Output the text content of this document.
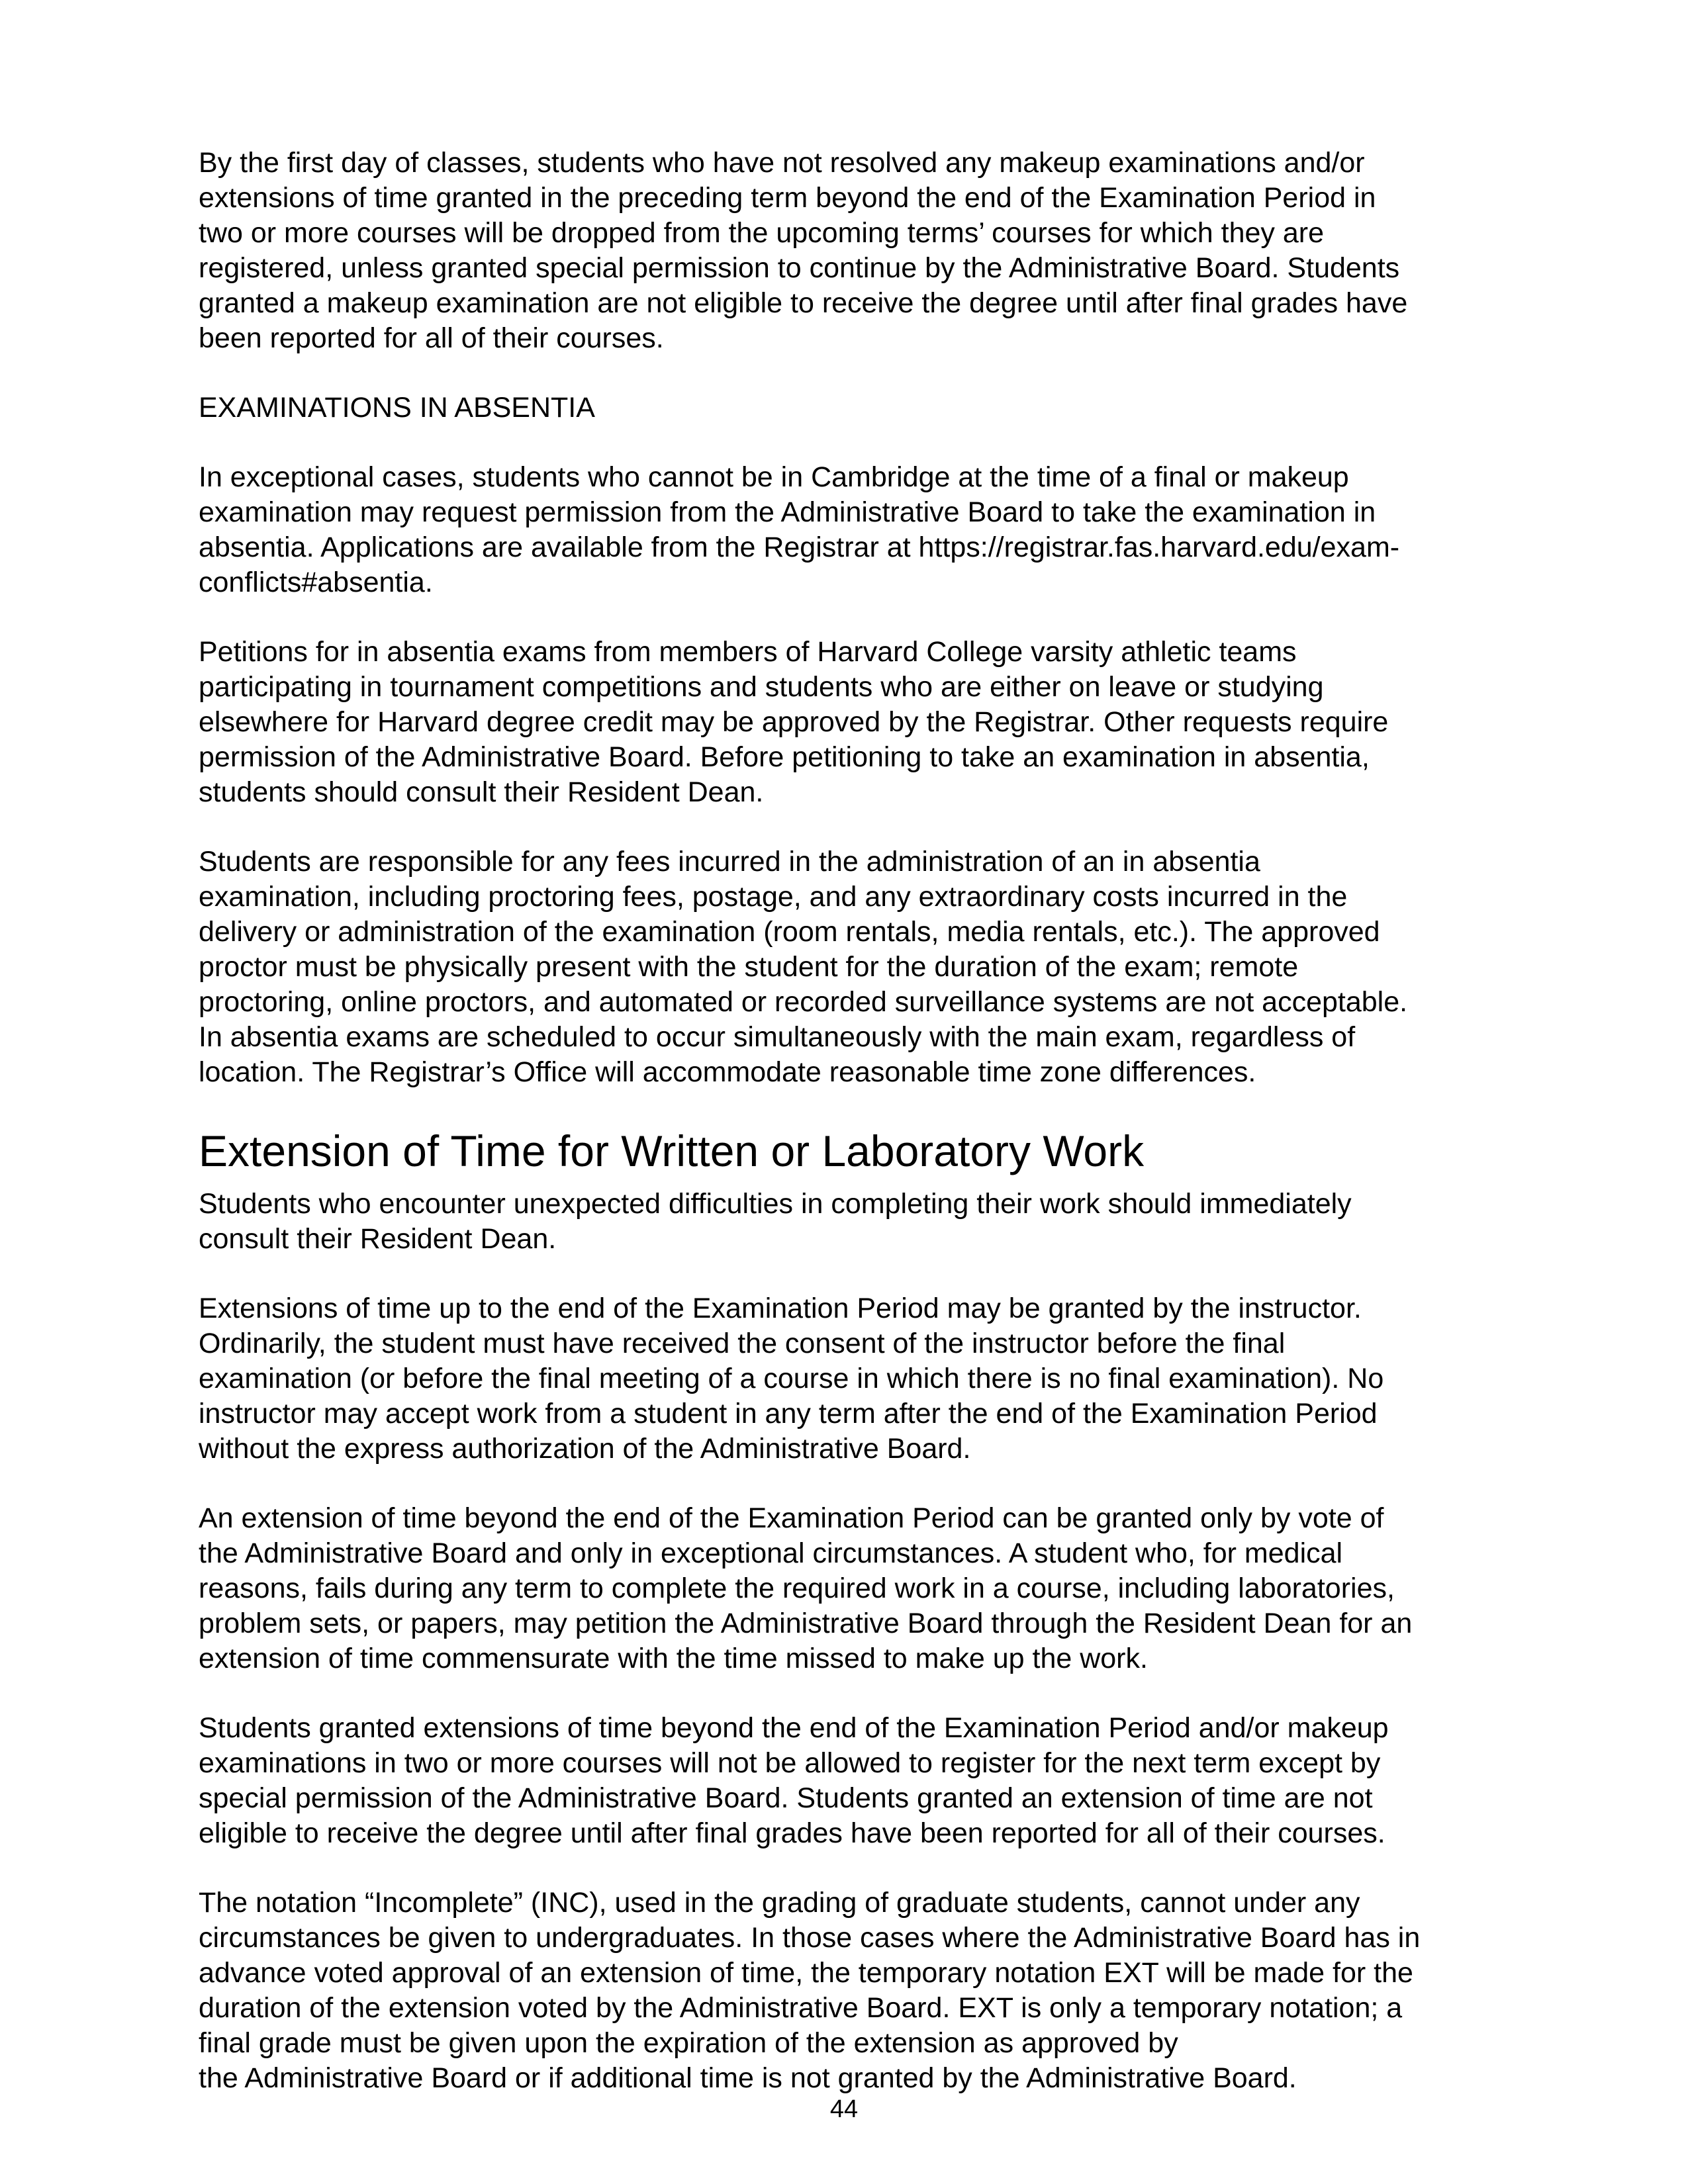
By the first day of classes, students who have not resolved any makeup examinations and/or
extensions of time granted in the preceding term beyond the end of the Examination Period in
two or more courses will be dropped from the upcoming terms’ courses for which they are
registered, unless granted special permission to continue by the Administrative Board. Students
granted a makeup examination are not eligible to receive the degree until after final grades have
been reported for all of their courses.
EXAMINATIONS IN ABSENTIA
In exceptional cases, students who cannot be in Cambridge at the time of a final or makeup
examination may request permission from the Administrative Board to take the examination in
absentia. Applications are available from the Registrar at https://registrar.fas.harvard.edu/exam-
conflicts#absentia.
Petitions for in absentia exams from members of Harvard College varsity athletic teams
participating in tournament competitions and students who are either on leave or studying
elsewhere for Harvard degree credit may be approved by the Registrar. Other requests require
permission of the Administrative Board. Before petitioning to take an examination in absentia,
students should consult their Resident Dean.
Students are responsible for any fees incurred in the administration of an in absentia
examination, including proctoring fees, postage, and any extraordinary costs incurred in the
delivery or administration of the examination (room rentals, media rentals, etc.). The approved
proctor must be physically present with the student for the duration of the exam; remote
proctoring, online proctors, and automated or recorded surveillance systems are not acceptable.
In absentia exams are scheduled to occur simultaneously with the main exam, regardless of
location. The Registrar’s Office will accommodate reasonable time zone differences.
Extension of Time for Written or Laboratory Work
Students who encounter unexpected difficulties in completing their work should immediately
consult their Resident Dean.
Extensions of time up to the end of the Examination Period may be granted by the instructor.
Ordinarily, the student must have received the consent of the instructor before the final
examination (or before the final meeting of a course in which there is no final examination). No
instructor may accept work from a student in any term after the end of the Examination Period
without the express authorization of the Administrative Board.
An extension of time beyond the end of the Examination Period can be granted only by vote of
the Administrative Board and only in exceptional circumstances. A student who, for medical
reasons, fails during any term to complete the required work in a course, including laboratories,
problem sets, or papers, may petition the Administrative Board through the Resident Dean for an
extension of time commensurate with the time missed to make up the work.
Students granted extensions of time beyond the end of the Examination Period and/or makeup
examinations in two or more courses will not be allowed to register for the next term except by
special permission of the Administrative Board. Students granted an extension of time are not
eligible to receive the degree until after final grades have been reported for all of their courses.
The notation “Incomplete” (INC), used in the grading of graduate students, cannot under any
circumstances be given to undergraduates. In those cases where the Administrative Board has in
advance voted approval of an extension of time, the temporary notation EXT will be made for the
duration of the extension voted by the Administrative Board. EXT is only a temporary notation; a
final grade must be given upon the expiration of the extension as approved by
the Administrative Board or if additional time is not granted by the Administrative Board.
44
